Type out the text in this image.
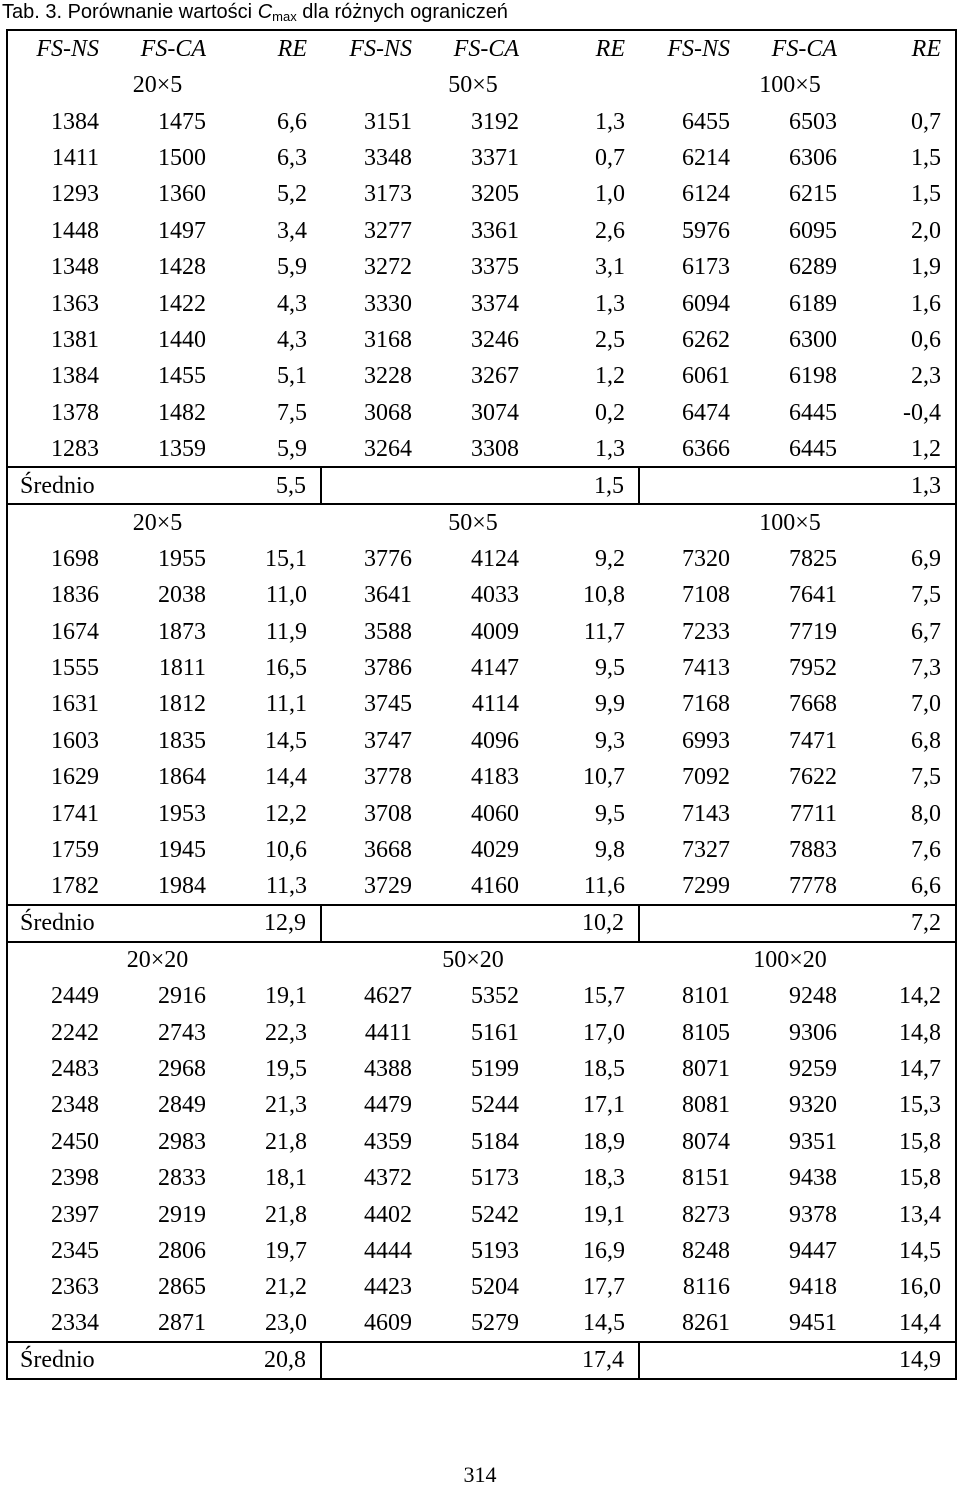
Tab. 3. Porównanie wartości $C_{max}$ dla różnych ograniczeń
FS-NS	FS-CA	RE	FS-NS	FS-CA	RE	FS-NS	FS-CA	RE
20×5			50×5			100×5		
1384	1475	6,6	3151	3192	1,3	6455	6503	0,7
1411	1500	6,3	3348	3371	0,7	6214	6306	1,5
1293	1360	5,2	3173	3205	1,0	6124	6215	1,5
1448	1497	3,4	3277	3361	2,6	5976	6095	2,0
1348	1428	5,9	3272	3375	3,1	6173	6289	1,9
1363	1422	4,3	3330	3374	1,3	6094	6189	1,6
1381	1440	4,3	3168	3246	2,5	6262	6300	0,6
1384	1455	5,1	3228	3267	1,2	6061	6198	2,3
1378	1482	7,5	3068	3074	0,2	6474	6445	-0,4
1283	1359	5,9	3264	3308	1,3	6366	6445	1,2
Średnio		5,5			1,5			1,3
20×5			50×5			100×5		
1698	1955	15,1	3776	4124	9,2	7320	7825	6,9
1836	2038	11,0	3641	4033	10,8	7108	7641	7,5
1674	1873	11,9	3588	4009	11,7	7233	7719	6,7
1555	1811	16,5	3786	4147	9,5	7413	7952	7,3
1631	1812	11,1	3745	4114	9,9	7168	7668	7,0
1603	1835	14,5	3747	4096	9,3	6993	7471	6,8
1629	1864	14,4	3778	4183	10,7	7092	7622	7,5
1741	1953	12,2	3708	4060	9,5	7143	7711	8,0
1759	1945	10,6	3668	4029	9,8	7327	7883	7,6
1782	1984	11,3	3729	4160	11,6	7299	7778	6,6
Średnio		12,9			10,2			7,2
20×20			50×20			100×20		
2449	2916	19,1	4627	5352	15,7	8101	9248	14,2
2242	2743	22,3	4411	5161	17,0	8105	9306	14,8
2483	2968	19,5	4388	5199	18,5	8071	9259	14,7
2348	2849	21,3	4479	5244	17,1	8081	9320	15,3
2450	2983	21,8	4359	5184	18,9	8074	9351	15,8
2398	2833	18,1	4372	5173	18,3	8151	9438	15,8
2397	2919	21,8	4402	5242	19,1	8273	9378	13,4
2345	2806	19,7	4444	5193	16,9	8248	9447	14,5
2363	2865	21,2	4423	5204	17,7	8116	9418	16,0
2334	2871	23,0	4609	5279	14,5	8261	9451	14,4
Średnio		20,8			17,4			14,9
314
